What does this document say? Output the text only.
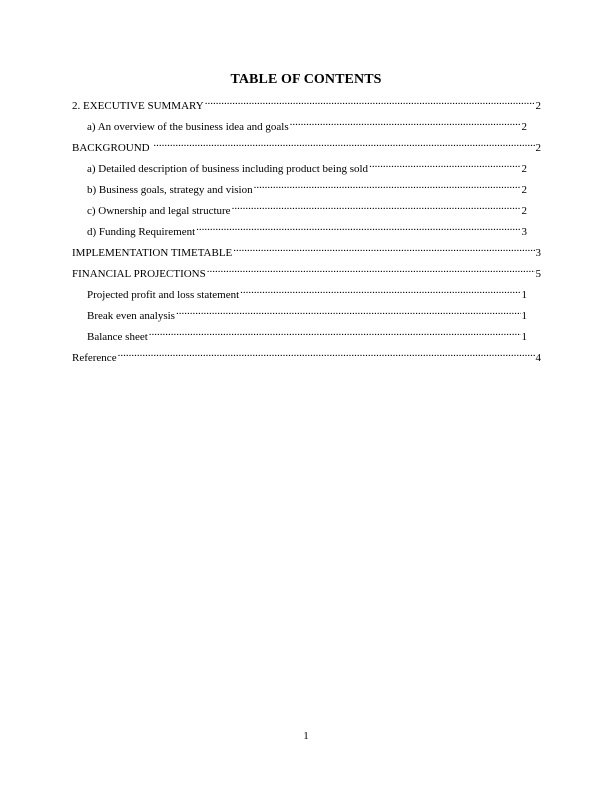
TABLE OF CONTENTS
2. EXECUTIVE SUMMARY .....	2
a) An overview of the business idea and goals .....	2
BACKGROUND .....	2
a) Detailed description of business including product being sold .....	2
b) Business goals, strategy and vision .....	2
c) Ownership and legal structure .....	2
d) Funding Requirement .....	3
IMPLEMENTATION TIMETABLE .....	3
FINANCIAL PROJECTIONS .....	5
Projected profit and loss statement .....	1
Break even analysis .....	1
Balance sheet .....	1
Reference .....	4
1
